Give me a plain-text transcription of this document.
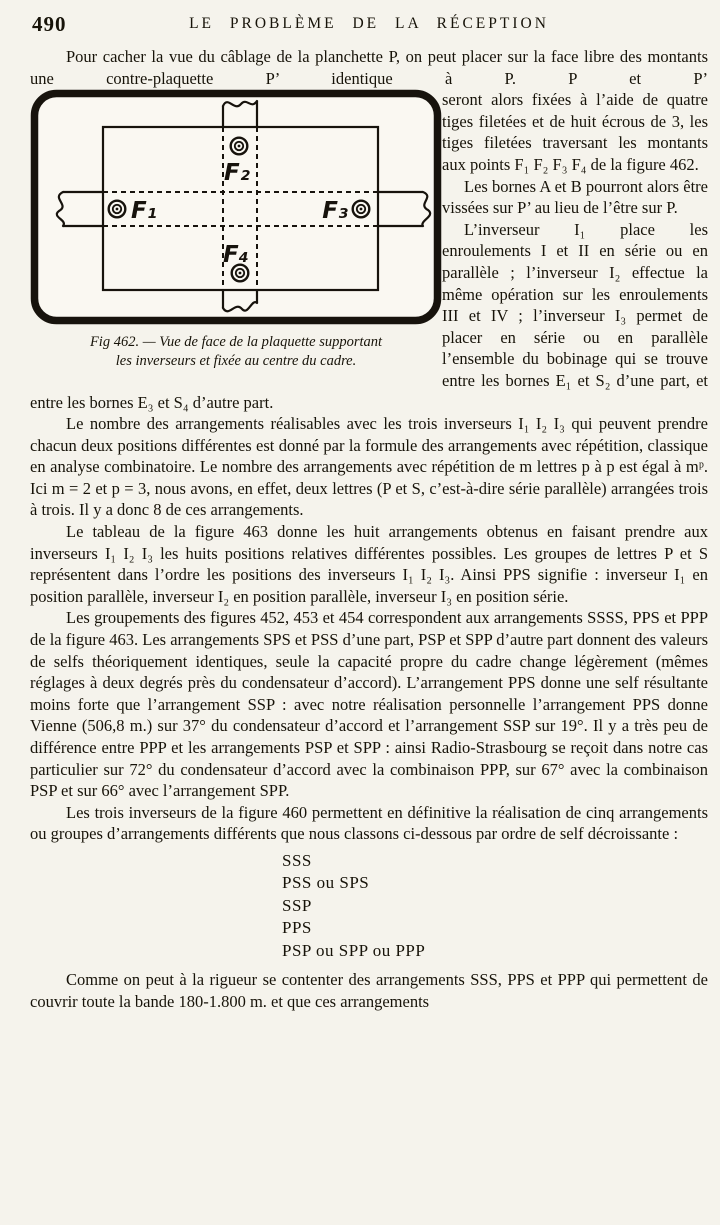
490	LE PROBLÈME DE LA RÉCEPTION
Pour cacher la vue du câblage de la planchette P, on peut placer sur la face libre des montants une contre-plaquette P’ identique à P. P et P’
F₁
F₂
F₃
F₄
Fig 462. — Vue de face de la plaquette supportant
les inverseurs et fixée au centre du cadre.
seront alors fixées à l’aide de quatre tiges filetées et de huit écrous de 3, les tiges filetées traversant les montants aux points F₁ F₂ F₃ F₄ de la figure 462.
Les bornes A et B pourront alors être vissées sur P’ au lieu de l’être sur P.
L’inverseur I₁ place les enroulements I et II en série ou en parallèle ; l’inverseur I₂ effectue la même opération sur les enroulements III et IV ; l’inverseur I₃ permet de placer en série ou en parallèle l’ensemble du bobinage qui se trouve entre les bornes E₁ et S₂ d’une part, et entre les bornes E₃ et S₄ d’autre part.
Le nombre des arrangements réalisables avec les trois inverseurs I₁ I₂ I₃ qui peuvent prendre chacun deux positions différentes est donné par la formule des arrangements avec répétition, classique en analyse combinatoire. Le nombre des arrangements avec répétition de m lettres p à p est égal à mᵖ. Ici m = 2 et p = 3, nous avons, en effet, deux lettres (P et S, c’est-à-dire série parallèle) arrangées trois à trois. Il y a donc 8 de ces arrangements.
Le tableau de la figure 463 donne les huit arrangements obtenus en faisant prendre aux inverseurs I₁ I₂ I₃ les huits positions relatives différentes possibles. Les groupes de lettres P et S représentent dans l’ordre les positions des inverseurs I₁ I₂ I₃. Ainsi PPS signifie : inverseur I₁ en position parallèle, inverseur I₂ en position parallèle, inverseur I₃ en position série.
Les groupements des figures 452, 453 et 454 correspondent aux arrangements SSSS, PPS et PPP de la figure 463. Les arrangements SPS et PSS d’une part, PSP et SPP d’autre part donnent des valeurs de selfs théoriquement identiques, seule la capacité propre du cadre change légèrement (mêmes réglages à deux degrés près du condensateur d’accord). L’arrangement PPS donne une self résultante moins forte que l’arrangement SSP : avec notre réalisation personnelle l’arrangement PPS donne Vienne (506,8 m.) sur 37° du condensateur d’accord et l’arrangement SSP sur 19°. Il y a très peu de différence entre PPP et les arrangements PSP et SPP : ainsi Radio-Strasbourg se reçoit dans notre cas particulier sur 72° du condensateur d’accord avec la combinaison PPP, sur 67° avec la combinaison PSP et sur 66° avec l’arrangement SPP.
Les trois inverseurs de la figure 460 permettent en définitive la réalisation de cinq arrangements ou groupes d’arrangements différents que nous classons ci-dessous par ordre de self décroissante :
SSS
PSS ou SPS
SSP
PPS
PSP ou SPP ou PPP
Comme on peut à la rigueur se contenter des arrangements SSS, PPS et PPP qui permettent de couvrir toute la bande 180-1.800 m. et que ces arrangements
